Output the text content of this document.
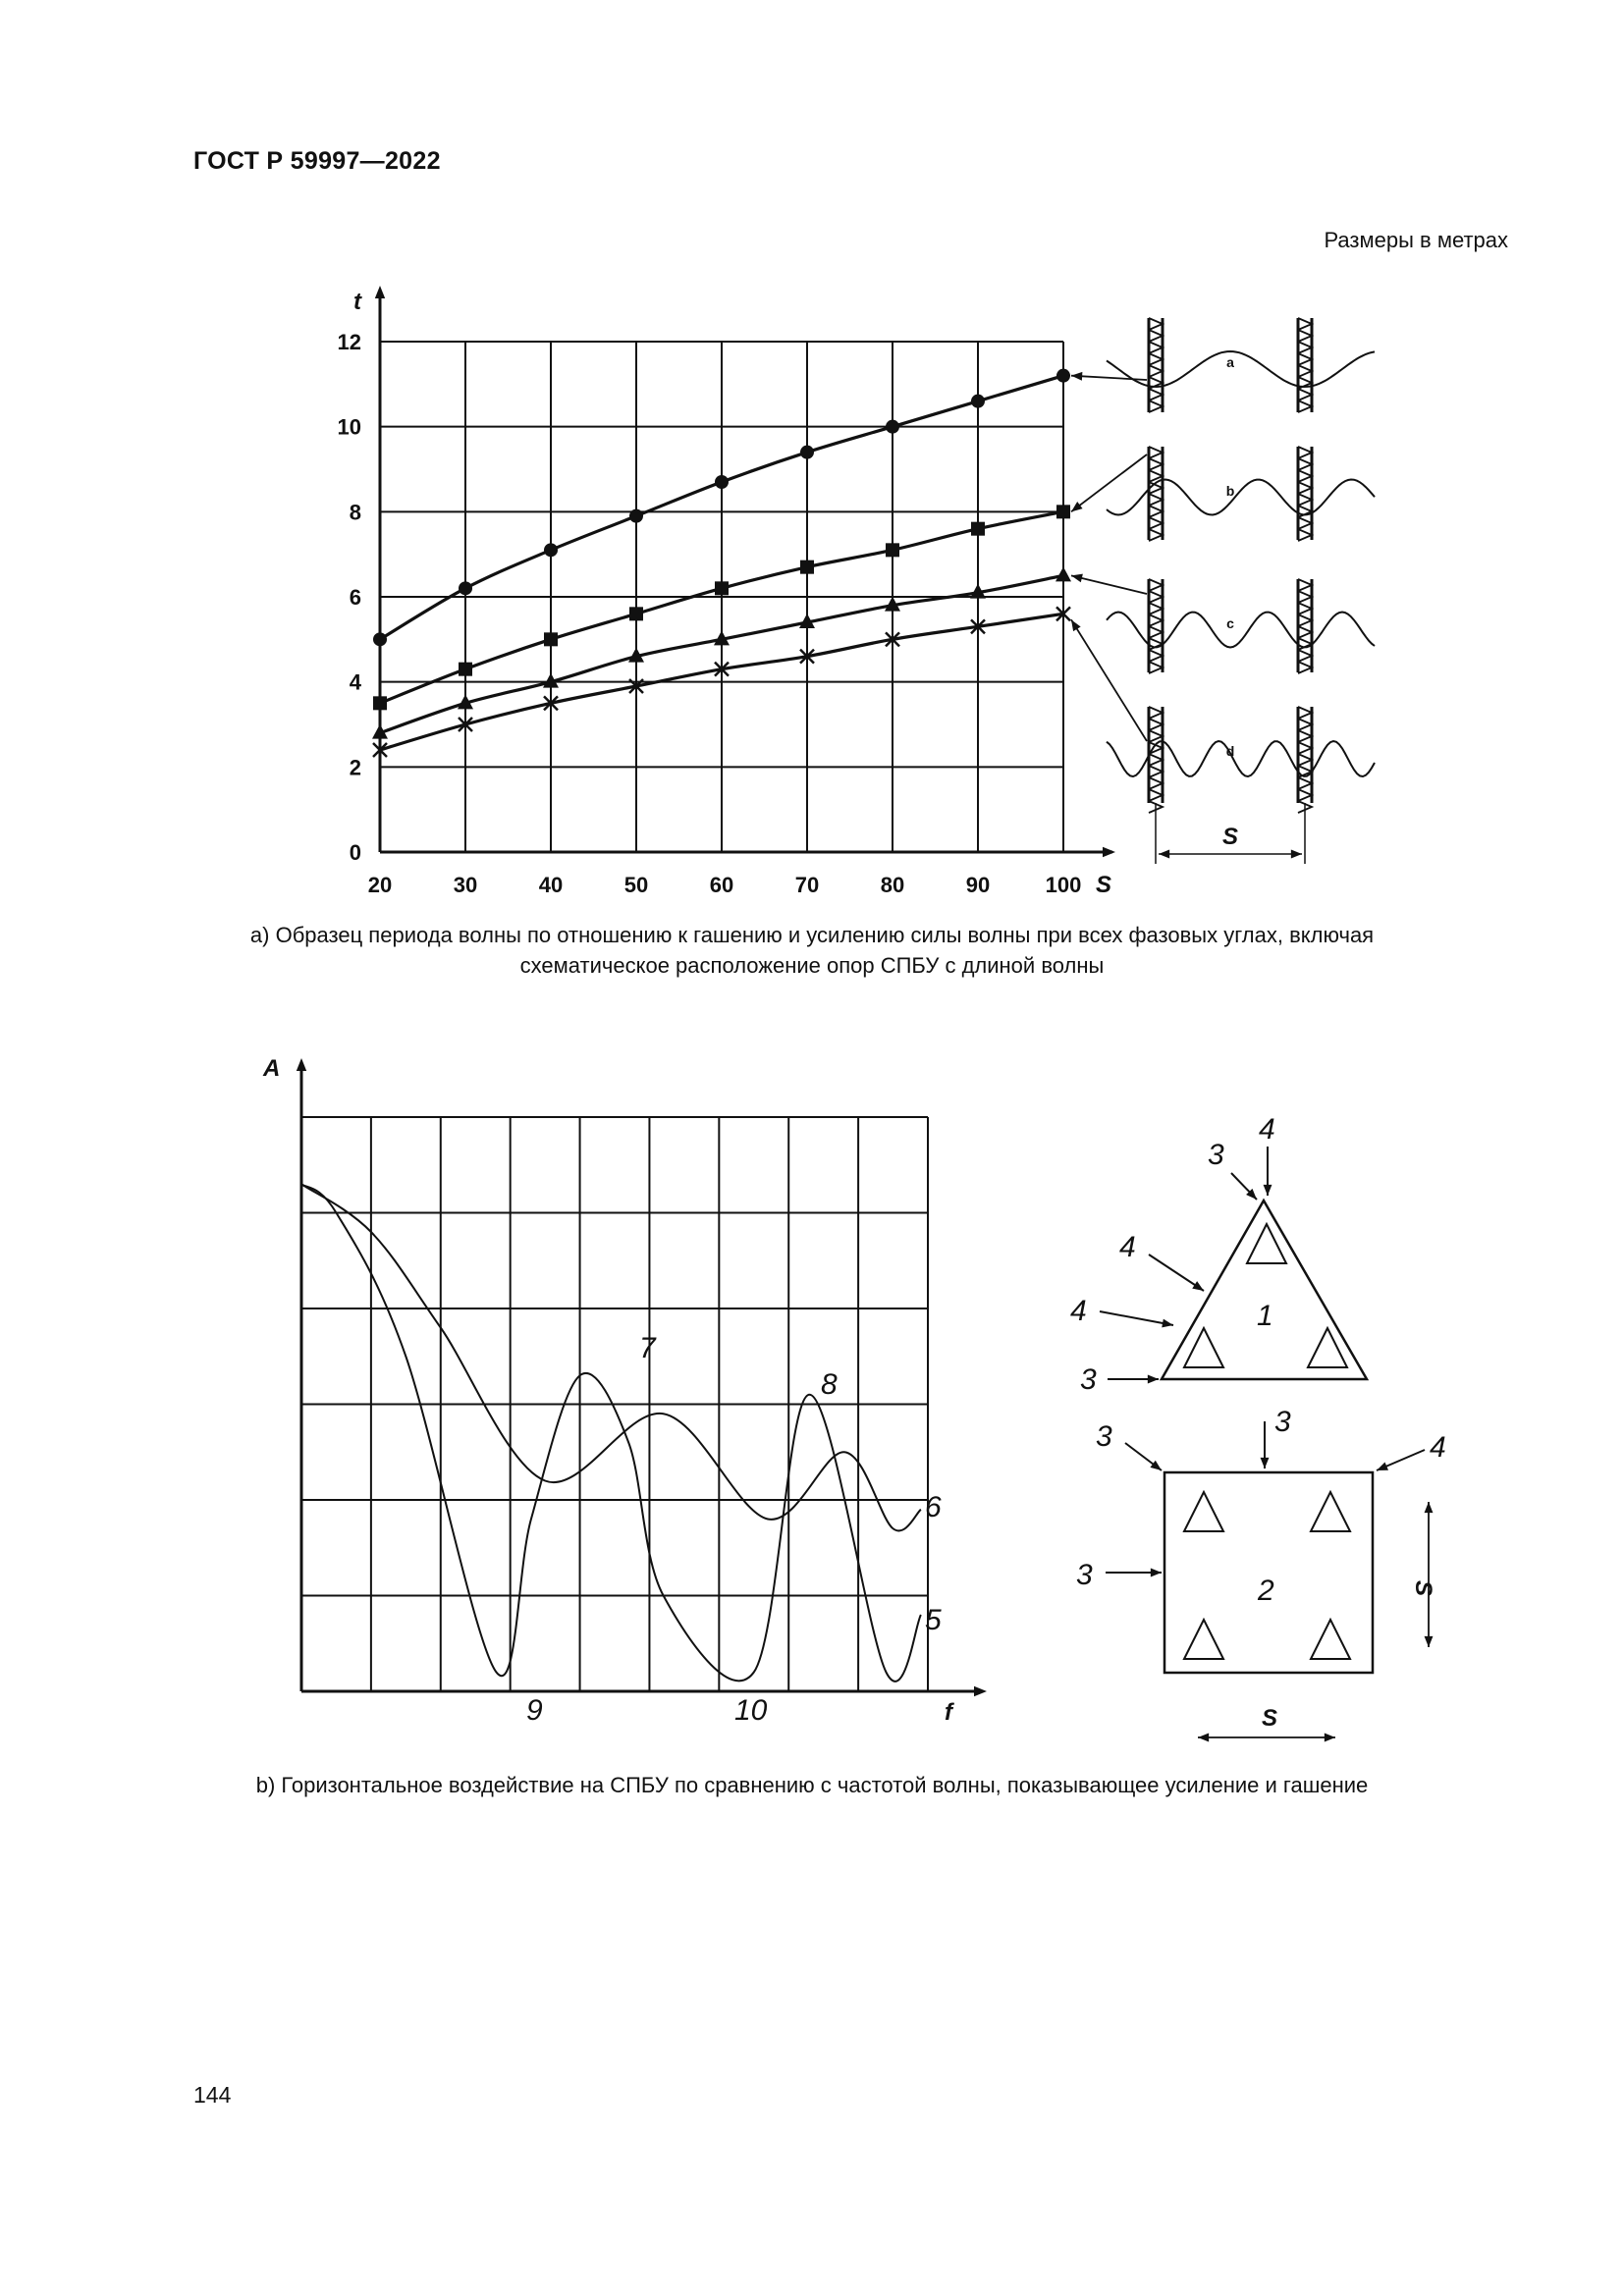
ГОСТ Р 59997—2022
Размеры в метрах
t
S
20	30	40	50	60	70	80	90	100
0
2
4
6
8
10
12
a
b
c
d
S
a) Образец периода волны по отношению к гашению и усилению силы волны при всех фазовых углах, включая
схематическое расположение опор СПБУ с длиной волны
7
8
6
5
9	10	f
A
1
2
3
4
4
4
3
3	3
4
3	S
S
b) Горизонтальное воздействие на СПБУ по сравнению с частотой волны, показывающее усиление и гашение
144
